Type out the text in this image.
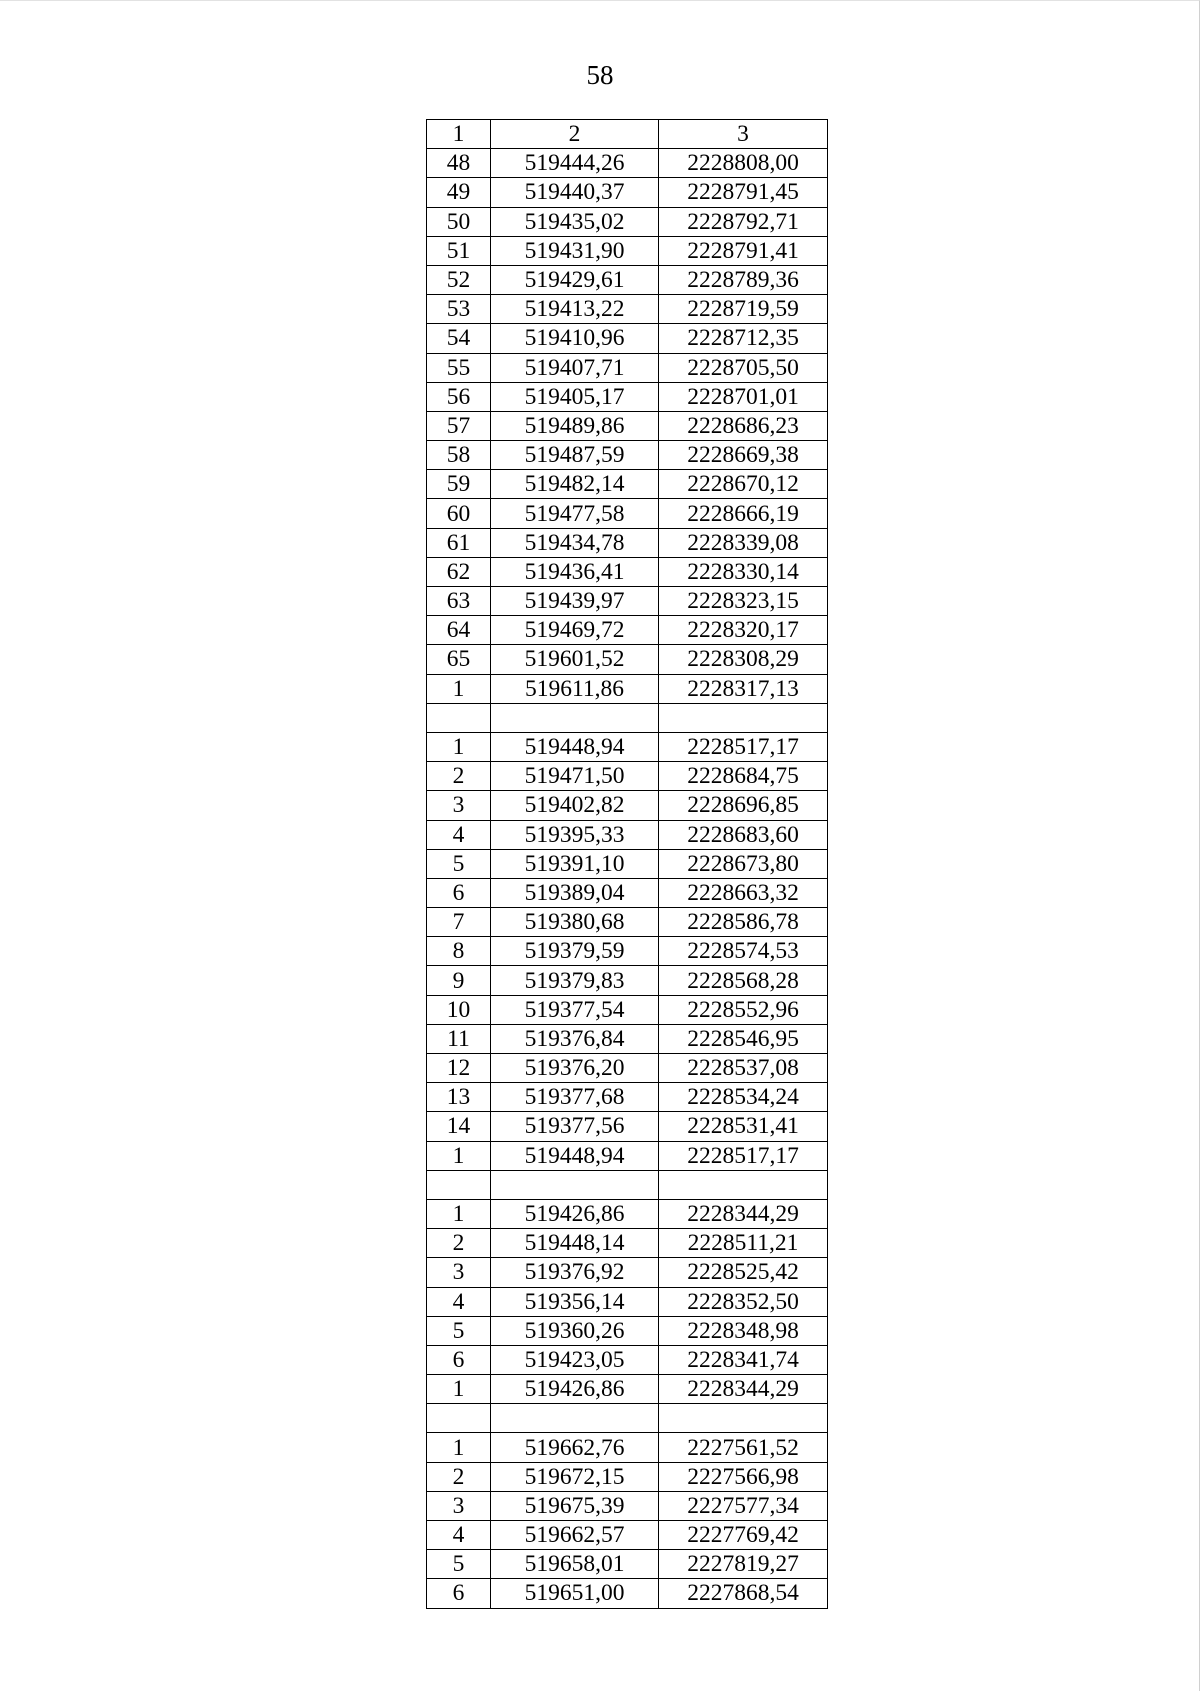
58
1	2	3
48	519444,26	2228808,00
49	519440,37	2228791,45
50	519435,02	2228792,71
51	519431,90	2228791,41
52	519429,61	2228789,36
53	519413,22	2228719,59
54	519410,96	2228712,35
55	519407,71	2228705,50
56	519405,17	2228701,01
57	519489,86	2228686,23
58	519487,59	2228669,38
59	519482,14	2228670,12
60	519477,58	2228666,19
61	519434,78	2228339,08
62	519436,41	2228330,14
63	519439,97	2228323,15
64	519469,72	2228320,17
65	519601,52	2228308,29
1	519611,86	2228317,13

1	519448,94	2228517,17
2	519471,50	2228684,75
3	519402,82	2228696,85
4	519395,33	2228683,60
5	519391,10	2228673,80
6	519389,04	2228663,32
7	519380,68	2228586,78
8	519379,59	2228574,53
9	519379,83	2228568,28
10	519377,54	2228552,96
11	519376,84	2228546,95
12	519376,20	2228537,08
13	519377,68	2228534,24
14	519377,56	2228531,41
1	519448,94	2228517,17

1	519426,86	2228344,29
2	519448,14	2228511,21
3	519376,92	2228525,42
4	519356,14	2228352,50
5	519360,26	2228348,98
6	519423,05	2228341,74
1	519426,86	2228344,29

1	519662,76	2227561,52
2	519672,15	2227566,98
3	519675,39	2227577,34
4	519662,57	2227769,42
5	519658,01	2227819,27
6	519651,00	2227868,54
